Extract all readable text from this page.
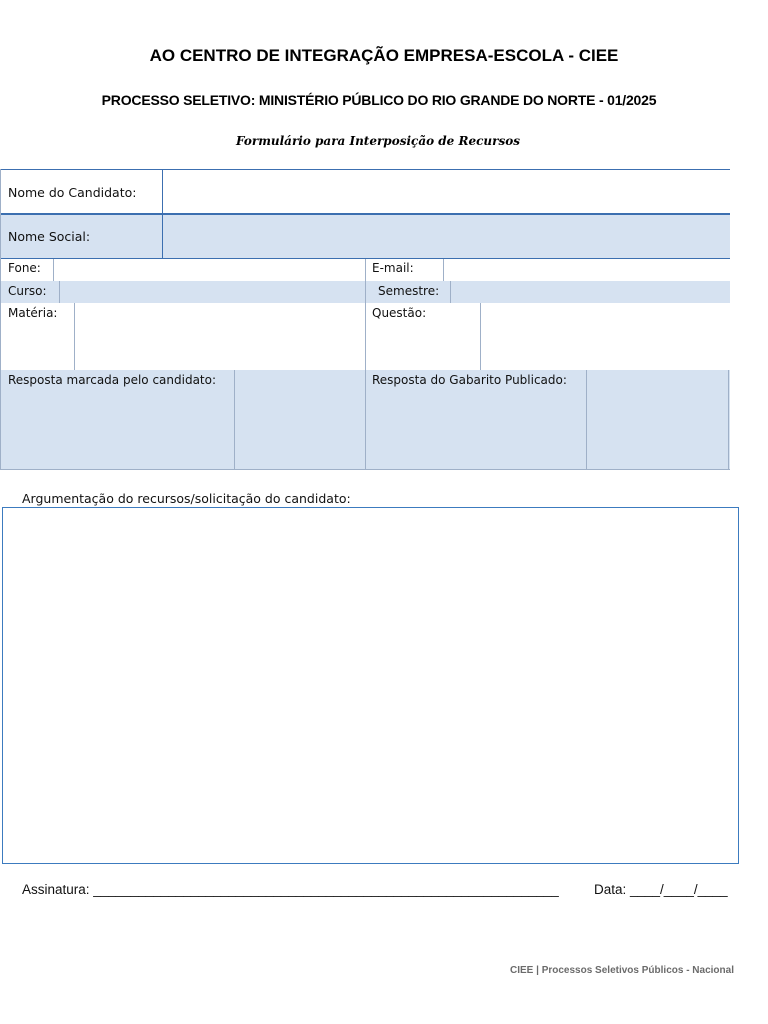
AO CENTRO DE INTEGRAÇÃO EMPRESA-ESCOLA - CIEE
PROCESSO SELETIVO: MINISTÉRIO PÚBLICO DO RIO GRANDE DO NORTE - 01/2025
Formulário para Interposição de Recursos
Nome do Candidato:
Nome Social:
Fone:	E-mail:
Curso:	Semestre:
Matéria:	Questão:
Resposta marcada pelo candidato:	Resposta do Gabarito Publicado:
Argumentação do recursos/solicitação do candidato:
Assinatura: ______________________________________________________________	Data: ____/____/____
CIEE | Processos Seletivos Públicos - Nacional
